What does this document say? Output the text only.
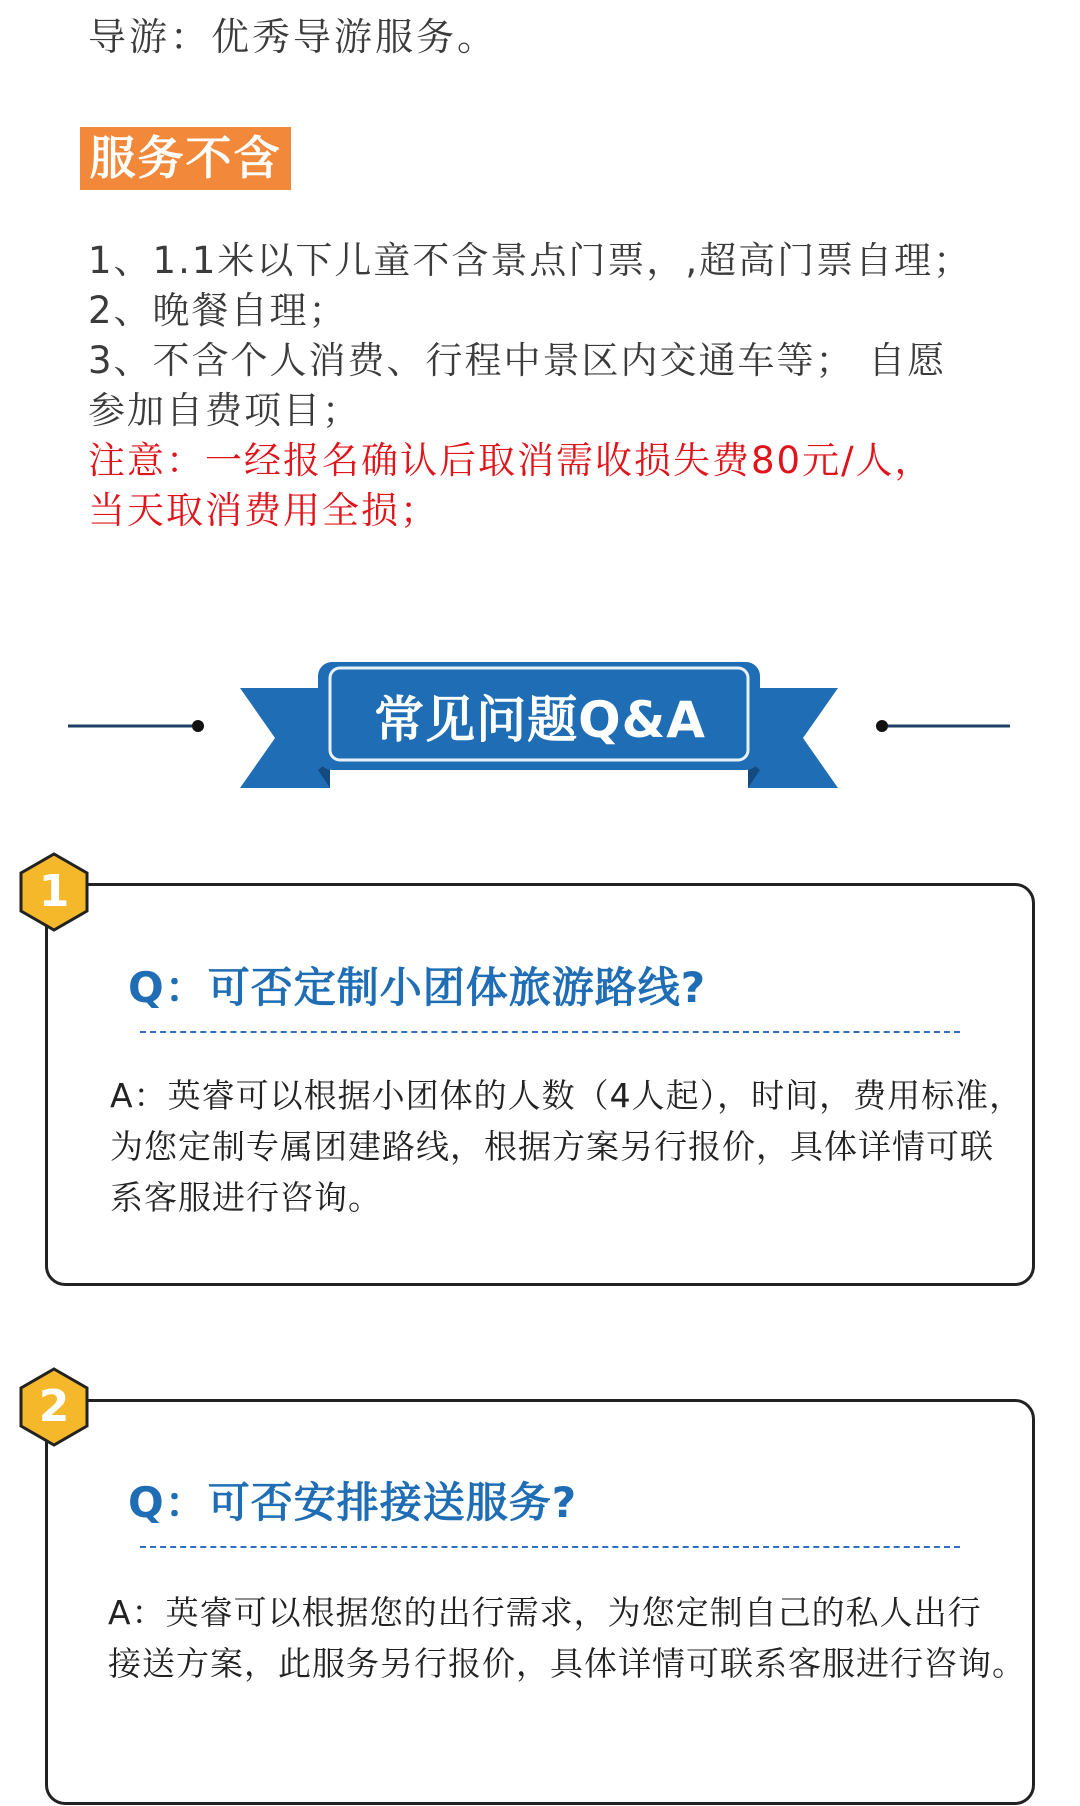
导游：优秀导游服务。
服务不含
1、1.1米以下儿童不含景点门票，,超高门票自理；
2、晚餐自理；
3、不含个人消费、行程中景区内交通车等； 自愿
参加自费项目；
注意：一经报名确认后取消需收损失费80元/人，
当天取消费用全损；
常见问题Q&A
1
Q：可否定制小团体旅游路线?
A：英睿可以根据小团体的人数（4人起），时间，费用标准，
为您定制专属团建路线，根据方案另行报价，具体详情可联
系客服进行咨询。
2
Q：可否安排接送服务?
A：英睿可以根据您的出行需求，为您定制自己的私人出行
接送方案，此服务另行报价，具体详情可联系客服进行咨询。
